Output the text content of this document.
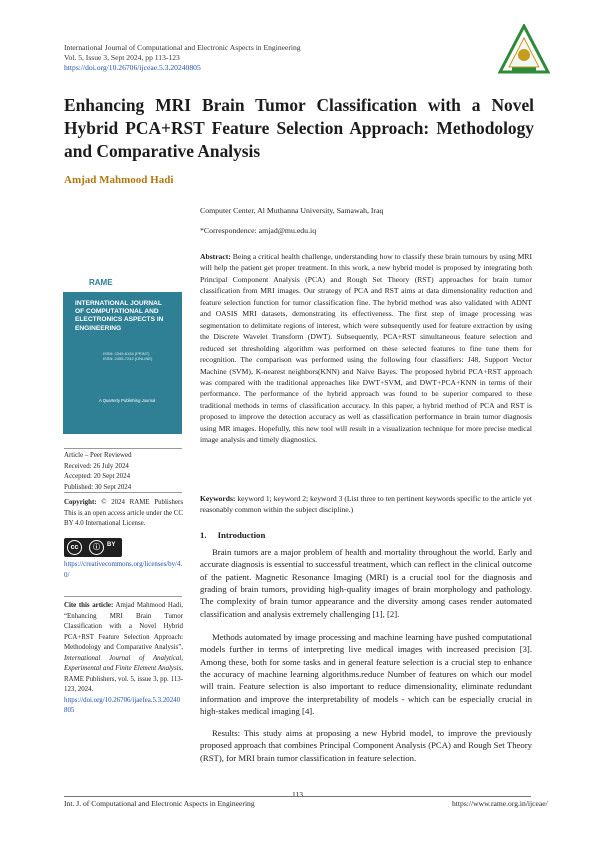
International Journal of Computational and Electronic Aspects in Engineering
Vol. 5, Issue 3, Sept 2024, pp 113-123
https://doi.org/10.26706/ijceae.5.3.20240805
Enhancing MRI Brain Tumor Classification with a Novel Hybrid PCA+RST Feature Selection Approach: Methodology and Comparative Analysis
Amjad Mahmood Hadi
Computer Center, Al Muthanna University, Samawah, Iraq
*Correspondence: amjad@mu.edu.iq
Abstract: Being a critical health challenge, understanding how to classify these brain tumours by using MRI will help the patient get proper treatment. In this work, a new hybrid model is proposed by integrating both Principal Component Analysis (PCA) and Rough Set Theory (RST) approaches for brain tumor classification from MRI images. Our strategy of PCA and RST aims at data dimensionality reduction and feature selection function for tumor classification fine. The hybrid method was also validated with ADNT and OASIS MRI datasets, demonstrating its effectiveness. The first step of image processing was segmentation to delimitate regions of interest, which were subsequently used for feature extraction by using the Discrete Wavelet Transform (DWT). Subsequently, PCA+RST simultaneous feature selection and reduced set thresholding algorithm was performed on these selected features to fine tune them for recognition. The comparison was performed using the following four classifiers: J48, Support Vector Machine (SVM), K-nearest neighbors(KNN) and Naive Bayes. The proposed hybrid PCA+RST approach was compared with the traditional approaches like DWT+SVM, and DWT+PCA+KNN in terms of their performance. The performance of the hybrid approach was found to be superior compared to these traditional methods in terms of classification accuracy. In this paper, a hybrid method of PCA and RST is proposed to improve the detection accuracy as well as classification performance in brain tumor diagnosis using MR images. Hopefully, this new tool will result in a visualization technique for more precise medical image analysis and timely diagnostics.
Keywords: keyword 1; keyword 2; keyword 3 (List three to ten pertinent keywords specific to the article yet reasonably common within the subject discipline.)
RAME
INTERNATIONAL JOURNAL OF COMPUTATIONAL AND ELECTRONICS ASPECTS IN ENGINEERING
ISSN: 2349-6134 (PRINT)
ISSN: 2455-7242 (ONLINE)
A Quarterly Publishing Journal
Article – Peer Reviewed
Received: 26 July 2024
Accepted: 20 Sept 2024
Published: 30 Sept 2024
Copyright: © 2024 RAME Publishers This is an open access article under the CC BY 4.0 International License.
cc	ⓘ	BY
https://creativecommons.org/licenses/by/4.0/
Cite this article: Amjad Mahmood Hadi, “Enhancing MRI Brain Tumor Classification with a Novel Hybrid PCA+RST Feature Selection Approach: Methodology and Comparative Analysis”, International Journal of Analytical, Experimental and Finite Element Analysis, RAME Publishers, vol. 5, issue 3, pp. 113-123, 2024.
https://doi.org/10.26706/ijaefea.5.3.20240805
1.     Introduction
Brain tumors are a major problem of health and mortality throughout the world. Early and accurate diagnosis is essential to successful treatment, which can reflect in the clinical outcome of the patient. Magnetic Resonance Imaging (MRI) is a crucial tool for the diagnosis and grading of brain tumors, providing high-quality images of brain morphology and pathology. The complexity of brain tumor appearance and the diversity among cases render automated classification and analysis extremely challenging [1], [2].
Methods automated by image processing and machine learning have pushed computational models further in terms of interpreting live medical images with increased precision [3]. Among these, both for some tasks and in general feature selection is a crucial step to enhance the accuracy of machine learning algorithms.reduce Number of features on which our model will train. Feature selection is also important to reduce dimensionality, eliminate redundant information and improve the interpretability of models - which can be especially crucial in high-stakes medical imaging [4].
Results: This study aims at proposing a new Hybrid model, to improve the previously proposed approach that combines Principal Component Analysis (PCA) and Rough Set Theory (RST), for MRI brain tumor classification in feature selection.
113
Int. J. of Computational and Electronic Aspects in Engineering	https://www.rame.org.in/ijceae/
